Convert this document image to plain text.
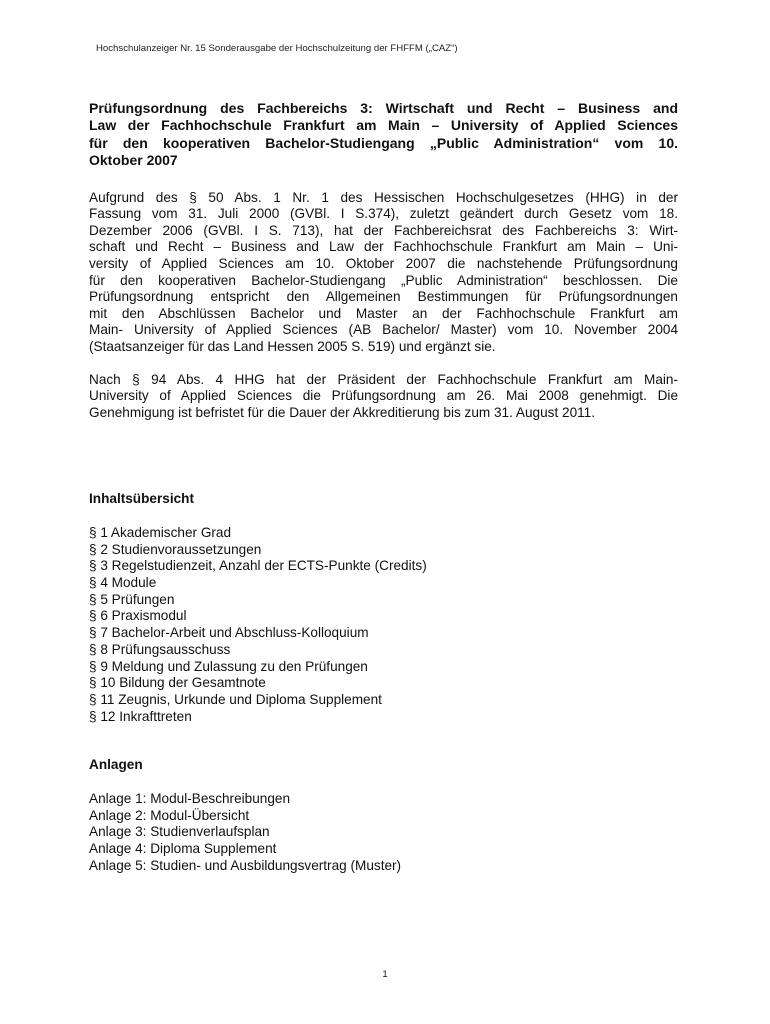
Hochschulanzeiger Nr. 15 Sonderausgabe der Hochschulzeitung der FHFFM („CAZ“)
Prüfungsordnung des Fachbereichs 3: Wirtschaft und Recht – Business and
Law der Fachhochschule Frankfurt am Main – University of Applied Sciences
für den kooperativen Bachelor-Studiengang „Public Administration“ vom 10.
Oktober 2007

Aufgrund des § 50 Abs. 1 Nr. 1 des Hessischen Hochschulgesetzes (HHG) in der
Fassung vom 31. Juli 2000 (GVBl. I S.374), zuletzt geändert durch Gesetz vom 18.
Dezember 2006 (GVBl. I S. 713), hat der Fachbereichsrat des Fachbereichs 3: Wirt-
schaft und Recht – Business and Law der Fachhochschule Frankfurt am Main – Uni-
versity of Applied Sciences am 10. Oktober 2007 die nachstehende Prüfungsordnung
für den kooperativen Bachelor-Studiengang „Public Administration“ beschlossen. Die
Prüfungsordnung entspricht den Allgemeinen Bestimmungen für Prüfungsordnungen
mit den Abschlüssen Bachelor und Master an der Fachhochschule Frankfurt am
Main- University of Applied Sciences (AB Bachelor/ Master) vom 10. November 2004
(Staatsanzeiger für das Land Hessen 2005 S. 519) und ergänzt sie.

Nach § 94 Abs. 4 HHG hat der Präsident der Fachhochschule Frankfurt am Main-
University of Applied Sciences die Prüfungsordnung am 26. Mai 2008 genehmigt. Die
Genehmigung ist befristet für die Dauer der Akkreditierung bis zum 31. August 2011.

Inhaltsübersicht
§ 1 Akademischer Grad
§ 2 Studienvoraussetzungen
§ 3 Regelstudienzeit, Anzahl der ECTS-Punkte (Credits)
§ 4 Module
§ 5 Prüfungen
§ 6 Praxismodul
§ 7 Bachelor-Arbeit und Abschluss-Kolloquium
§ 8 Prüfungsausschuss
§ 9 Meldung und Zulassung zu den Prüfungen
§ 10 Bildung der Gesamtnote
§ 11 Zeugnis, Urkunde und Diploma Supplement
§ 12 Inkrafttreten
Anlagen
Anlage 1: Modul-Beschreibungen
Anlage 2: Modul-Übersicht
Anlage 3: Studienverlaufsplan
Anlage 4: Diploma Supplement
Anlage 5: Studien- und Ausbildungsvertrag (Muster)
1
